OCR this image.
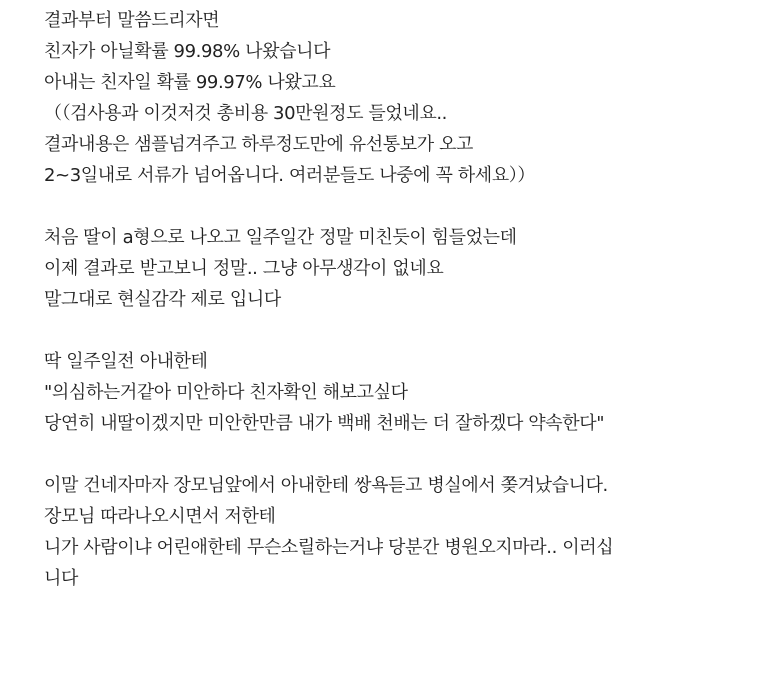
결과부터 말씀드리자면
친자가 아닐확률 99.98% 나왔습니다
아내는 친자일 확률 99.97% 나왔고요
（（검사용과 이것저것 총비용 30만원정도 들었네요..
결과내용은 샘플넘겨주고 하루정도만에 유선통보가 오고
2~3일내로 서류가 넘어옵니다. 여러분들도 나중에 꼭 하세요））
처음 딸이 a형으로 나오고 일주일간 정말 미친듯이 힘들었는데
이제 결과로 받고보니 정말.. 그냥 아무생각이 없네요
말그대로 현실감각 제로 입니다
딱 일주일전 아내한테
"의심하는거같아 미안하다 친자확인 해보고싶다
당연히 내딸이겠지만 미안한만큼 내가 백배 천배는 더 잘하겠다 약속한다"
이말 건네자마자 장모님앞에서 아내한테 쌍욕듣고 병실에서 쫒겨났습니다.
장모님 따라나오시면서 저한테
니가 사람이냐 어린애한테 무슨소릴하는거냐 당분간 병원오지마라.. 이러십
니다
